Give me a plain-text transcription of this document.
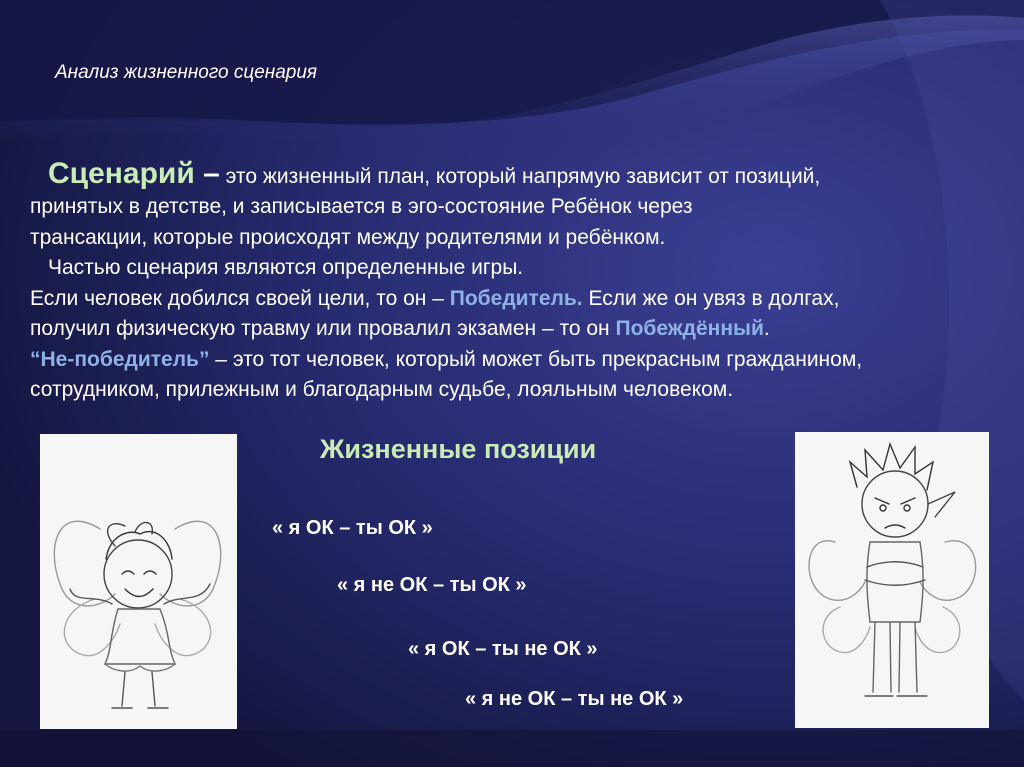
Анализ жизненного сценария
Сценарий – это жизненный план, который напрямую зависит от позиций,
принятых в детстве, и записывается в эго-состояние Ребёнок через
трансакции, которые происходят между родителями и ребёнком.
Частью сценария являются определенные игры.
Если человек добился своей цели, то он – Победитель. Если же он увяз в долгах,
получил физическую травму или провалил экзамен – то он Побеждённый.
“Не-победитель” – это тот человек, который может быть прекрасным гражданином,
сотрудником, прилежным и благодарным судьбе, лояльным человеком.
Жизненные позиции
« я ОК – ты ОК »
« я не ОК – ты ОК »
« я ОК – ты не ОК »
« я не ОК – ты не ОК »
